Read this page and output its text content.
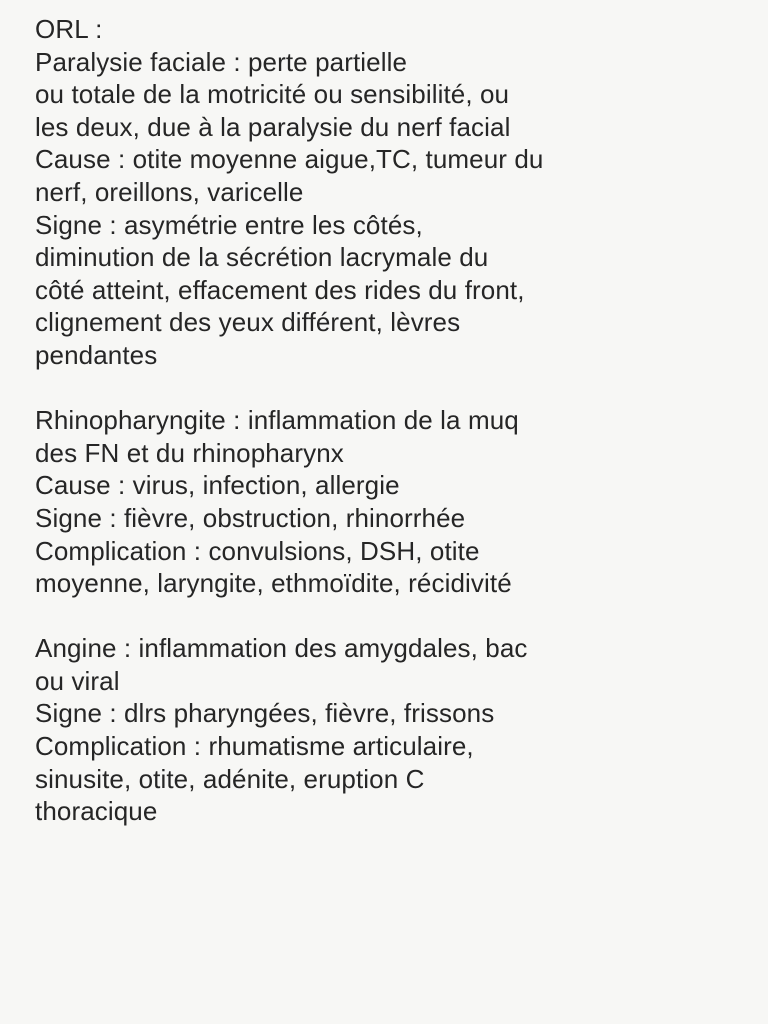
ORL :
Paralysie faciale : perte partielle
ou totale de la motricité ou sensibilité, ou
les deux, due à la paralysie du nerf facial
Cause : otite moyenne aigue,TC, tumeur du
nerf, oreillons, varicelle
Signe : asymétrie entre les côtés,
diminution de la sécrétion lacrymale du
côté atteint, effacement des rides du front,
clignement des yeux différent, lèvres
pendantes
Rhinopharyngite : inflammation de la muq
des FN et du rhinopharynx
Cause : virus, infection, allergie
Signe : fièvre, obstruction, rhinorrhée
Complication : convulsions, DSH, otite
moyenne, laryngite, ethmoïdite, récidivité
Angine : inflammation des amygdales, bac
ou viral
Signe : dlrs pharyngées, fièvre, frissons
Complication : rhumatisme articulaire,
sinusite, otite, adénite, eruption C
thoracique
